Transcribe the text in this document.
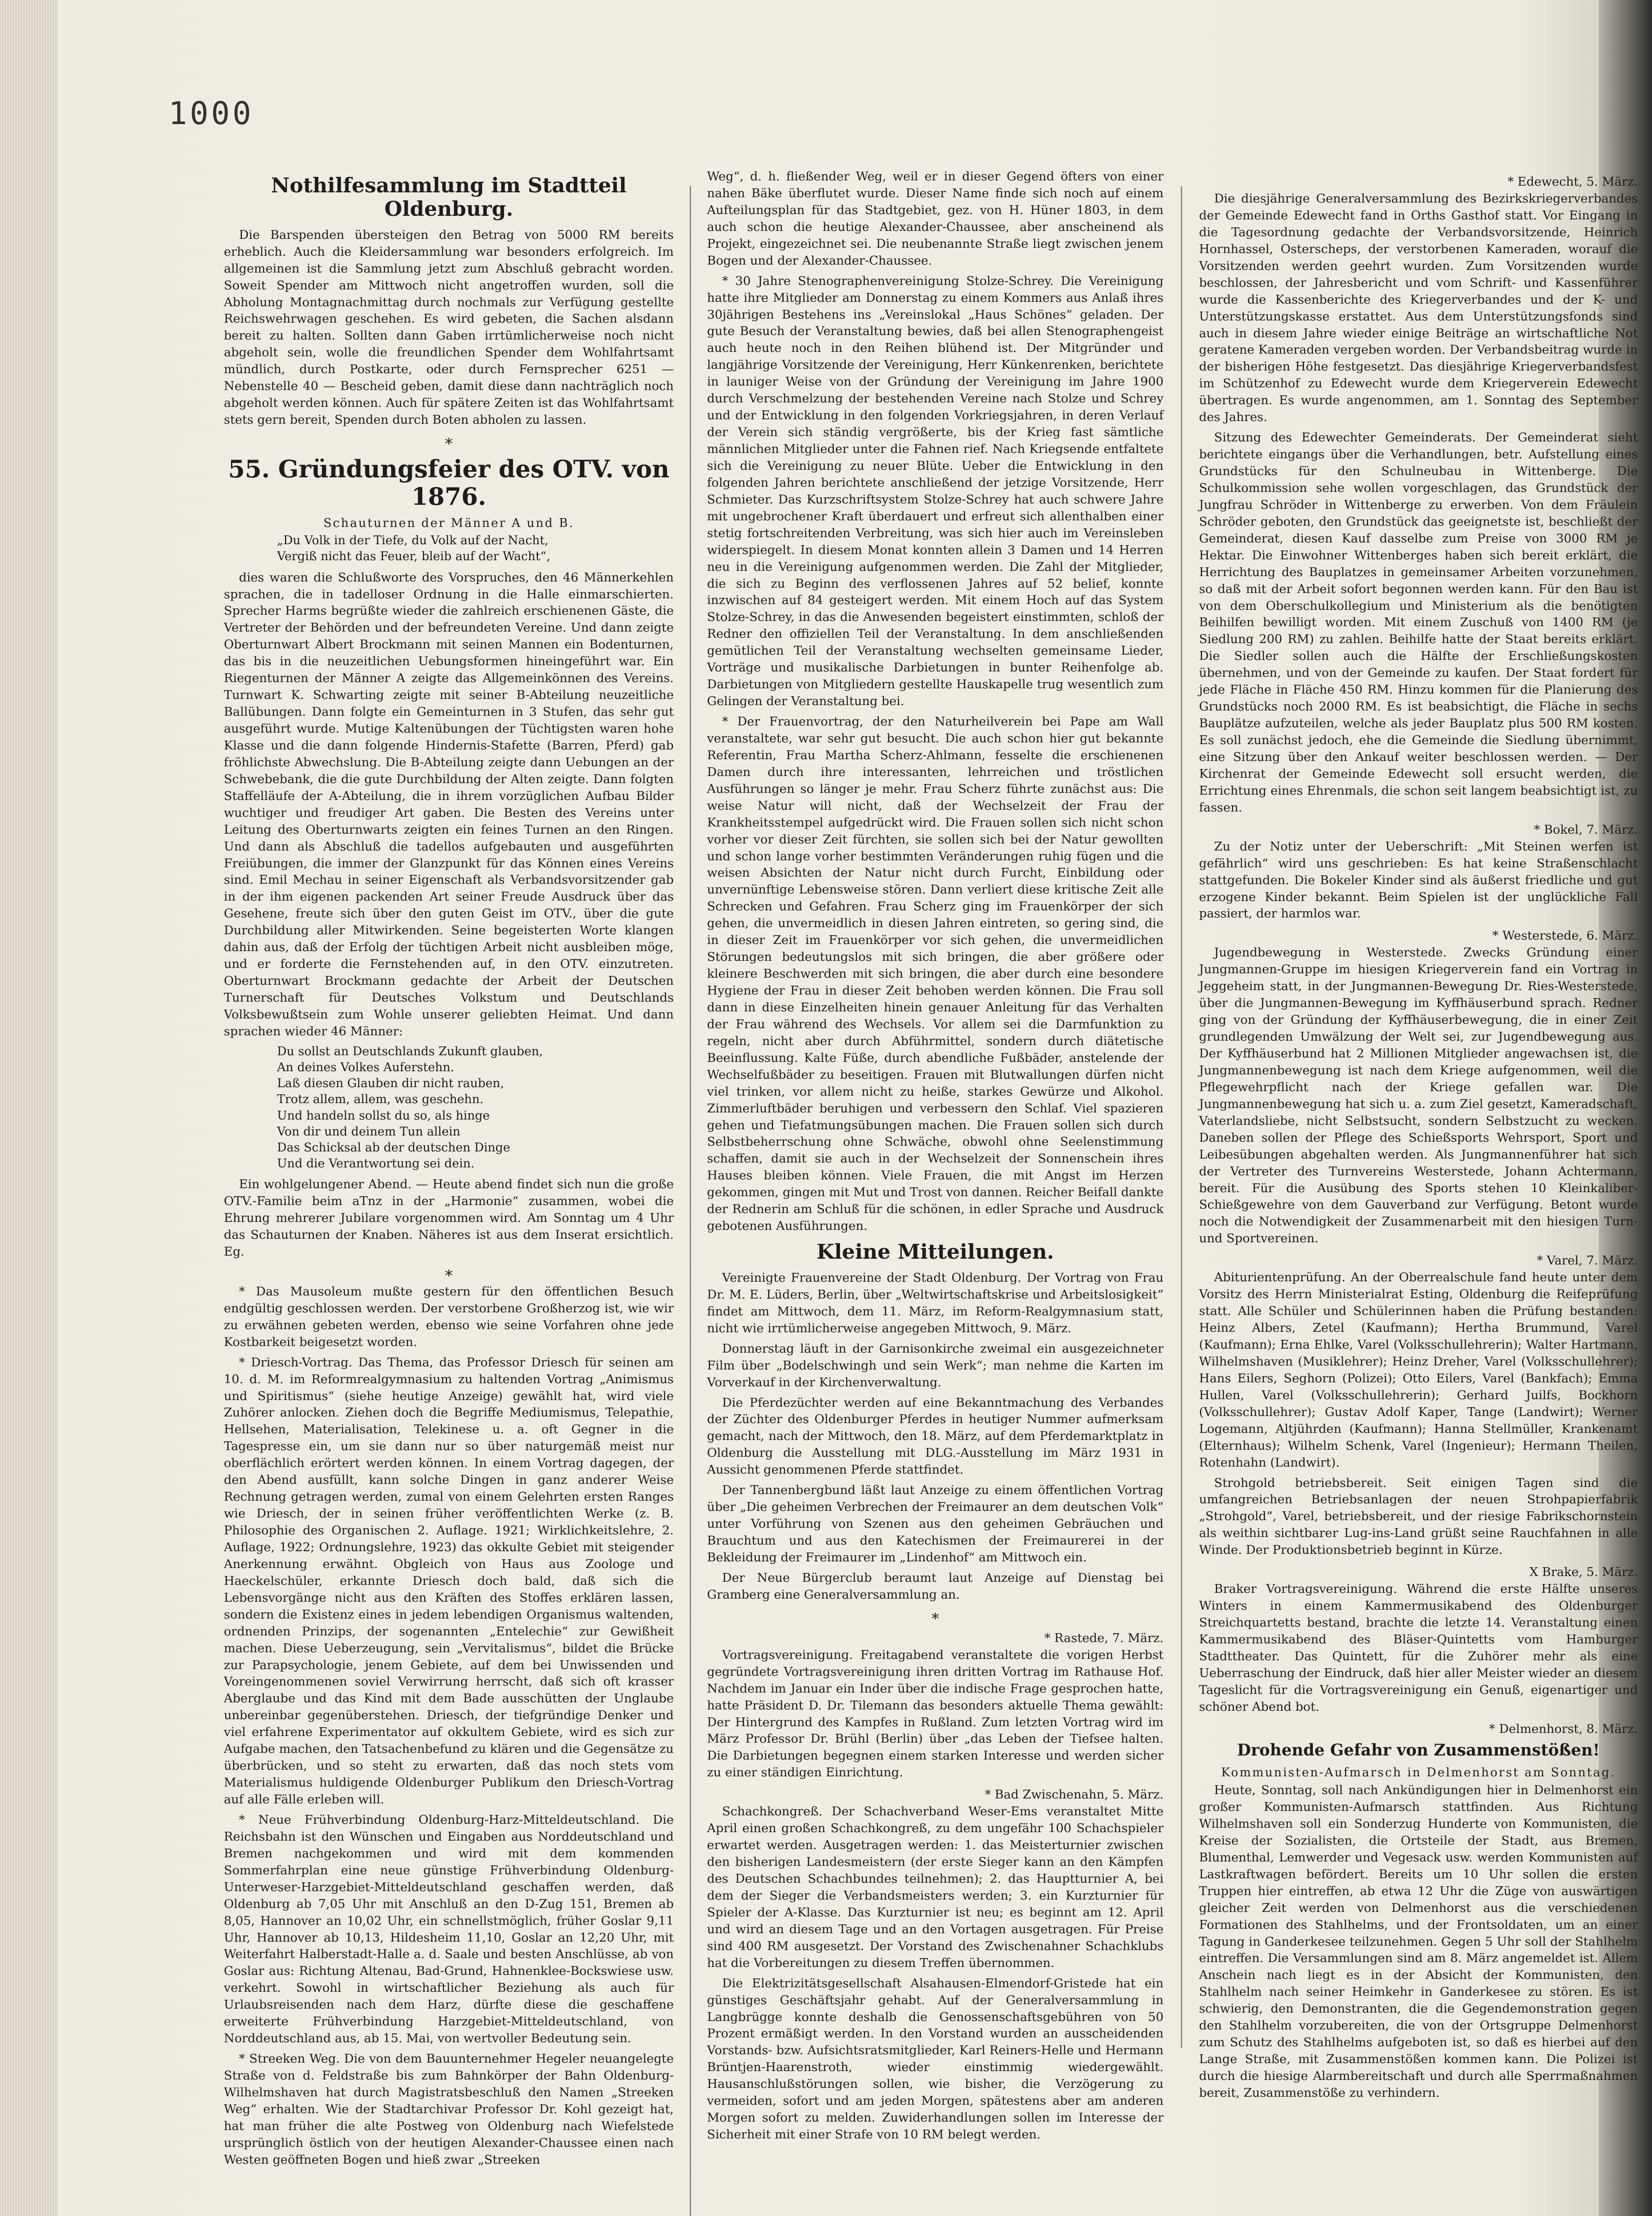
1000
Nothilfesammlung im Stadtteil Oldenburg.

Die Barspenden übersteigen den Betrag von 5000 RM bereits erheblich. Auch die Kleidersammlung war besonders erfolgreich. Im allgemeinen ist die Sammlung jetzt zum Abschluß gebracht worden. Soweit Spender am Mittwoch nicht angetroffen wurden, soll die Abholung Montagnachmittag durch nochmals zur Verfügung gestellte Reichswehrwagen geschehen. Es wird gebeten, die Sachen alsdann bereit zu halten. Sollten dann Gaben irrtümlicherweise noch nicht abgeholt sein, wolle die freundlichen Spender dem Wohlfahrtsamt mündlich, durch Postkarte, oder durch Fernsprecher 6251 — Nebenstelle 40 — Bescheid geben, damit diese dann nachträglich noch abgeholt werden können. Auch für spätere Zeiten ist das Wohlfahrtsamt stets gern bereit, Spenden durch Boten abholen zu lassen.

∗
55. Gründungsfeier des OTV. von 1876.
Schauturnen der Männer A und B.
„Du Volk in der Tiefe, du Volk auf der Nacht,
Vergiß nicht das Feuer, bleib auf der Wacht“,

dies waren die Schlußworte des Vorspruches, den 46 Männerkehlen sprachen, die in tadelloser Ordnung in die Halle einmarschierten. Sprecher Harms begrüßte wieder die zahlreich erschienenen Gäste, die Vertreter der Behörden und der befreundeten Vereine. Und dann zeigte Oberturnwart Albert Brockmann mit seinen Mannen ein Bodenturnen, das bis in die neuzeitlichen Uebungsformen hineingeführt war. Ein Riegenturnen der Männer A zeigte das Allgemeinkönnen des Vereins. Turnwart K. Schwarting zeigte mit seiner B-Abteilung neuzeitliche Ballübungen. Dann folgte ein Gemeinturnen in 3 Stufen, das sehr gut ausgeführt wurde. Mutige Kaltenübungen der Tüchtigsten waren hohe Klasse und die dann folgende Hindernis-Stafette (Barren, Pferd) gab fröhlichste Abwechslung. Die B-Abteilung zeigte dann Uebungen an der Schwebebank, die die gute Durchbildung der Alten zeigte. Dann folgten Staffelläufe der A-Abteilung, die in ihrem vorzüglichen Aufbau Bilder wuchtiger und freudiger Art gaben. Die Besten des Vereins unter Leitung des Oberturnwarts zeigten ein feines Turnen an den Ringen. Und dann als Abschluß die tadellos aufgebauten und ausgeführten Freiübungen, die immer der Glanzpunkt für das Können eines Vereins sind. Emil Mechau in seiner Eigenschaft als Verbandsvorsitzender gab in der ihm eigenen packenden Art seiner Freude Ausdruck über das Gesehene, freute sich über den guten Geist im OTV., über die gute Durchbildung aller Mitwirkenden. Seine begeisterten Worte klangen dahin aus, daß der Erfolg der tüchtigen Arbeit nicht ausbleiben möge, und er forderte die Fernstehenden auf, in den OTV. einzutreten. Oberturnwart Brockmann gedachte der Arbeit der Deutschen Turnerschaft für Deutsches Volkstum und Deutschlands Volksbewußtsein zum Wohle unserer geliebten Heimat. Und dann sprachen wieder 46 Männer:

Du sollst an Deutschlands Zukunft glauben,
An deines Volkes Auferstehn.
Laß diesen Glauben dir nicht rauben,
Trotz allem, allem, was geschehn.
Und handeln sollst du so, als hinge
Von dir und deinem Tun allein
Das Schicksal ab der deutschen Dinge
Und die Verantwortung sei dein.

Ein wohlgelungener Abend. — Heute abend findet sich nun die große OTV.-Familie beim aTnz in der „Harmonie“ zusammen, wobei die Ehrung mehrerer Jubilare vorgenommen wird. Am Sonntag um 4 Uhr das Schauturnen der Knaben. Näheres ist aus dem Inserat ersichtlich. Eg.

∗

* Das Mausoleum mußte gestern für den öffentlichen Besuch endgültig geschlossen werden. Der verstorbene Großherzog ist, wie wir zu erwähnen gebeten werden, ebenso wie seine Vorfahren ohne jede Kostbarkeit beigesetzt worden.

* Driesch-Vortrag. Das Thema, das Professor Driesch für seinen am 10. d. M. im Reformrealgymnasium zu haltenden Vortrag „Animismus und Spiritismus“ (siehe heutige Anzeige) gewählt hat, wird viele Zuhörer anlocken. Ziehen doch die Begriffe Mediumismus, Telepathie, Hellsehen, Materialisation, Telekinese u. a. oft Gegner in die Tagespresse ein, um sie dann nur so über naturgemäß meist nur oberflächlich erörtert werden können. In einem Vortrag dagegen, der den Abend ausfüllt, kann solche Dingen in ganz anderer Weise Rechnung getragen werden, zumal von einem Gelehrten ersten Ranges wie Driesch, der in seinen früher veröffentlichten Werke (z. B. Philosophie des Organischen 2. Auflage. 1921; Wirklichkeitslehre, 2. Auflage, 1922; Ordnungslehre, 1923) das okkulte Gebiet mit steigender Anerkennung erwähnt. Obgleich von Haus aus Zoologe und Haeckelschüler, erkannte Driesch doch bald, daß sich die Lebensvorgänge nicht aus den Kräften des Stoffes erklären lassen, sondern die Existenz eines in jedem lebendigen Organismus waltenden, ordnenden Prinzips, der sogenannten „Entelechie“ zur Gewißheit machen. Diese Ueberzeugung, sein „Vervitalismus“, bildet die Brücke zur Parapsychologie, jenem Gebiete, auf dem bei Unwissenden und Voreingenommenen soviel Verwirrung herrscht, daß sich oft krasser Aberglaube und das Kind mit dem Bade ausschütten der Unglaube unbereinbar gegenüberstehen. Driesch, der tiefgründige Denker und viel erfahrene Experimentator auf okkultem Gebiete, wird es sich zur Aufgabe machen, den Tatsachenbefund zu klären und die Gegensätze zu überbrücken, und so steht zu erwarten, daß das noch stets vom Materialismus huldigende Oldenburger Publikum den Driesch-Vortrag auf alle Fälle erleben will.

* Neue Frühverbindung Oldenburg-Harz-Mitteldeutschland. Die Reichsbahn ist den Wünschen und Eingaben aus Norddeutschland und Bremen nachgekommen und wird mit dem kommenden Sommerfahrplan eine neue günstige Frühverbindung Oldenburg-Unterweser-Harzgebiet-Mitteldeutschland geschaffen werden, daß Oldenburg ab 7,05 Uhr mit Anschluß an den D-Zug 151, Bremen ab 8,05, Hannover an 10,02 Uhr, ein schnellstmöglich, früher Goslar 9,11 Uhr, Hannover ab 10,13, Hildesheim 11,10, Goslar an 12,20 Uhr, mit Weiterfahrt Halberstadt-Halle a. d. Saale und besten Anschlüsse, ab von Goslar aus: Richtung Altenau, Bad-Grund, Hahnenklee-Bockswiese usw. verkehrt. Sowohl in wirtschaftlicher Beziehung als auch für Urlaubsreisenden nach dem Harz, dürfte diese die geschaffene erweiterte Frühverbindung Harzgebiet-Mitteldeutschland, von Norddeutschland aus, ab 15. Mai, von wertvoller Bedeutung sein.

* Streeken Weg. Die von dem Bauunternehmer Hegeler neuangelegte Straße von d. Feldstraße bis zum Bahnkörper der Bahn Oldenburg-Wilhelmshaven hat durch Magistratsbeschluß den Namen „Streeken Weg“ erhalten. Wie der Stadtarchivar Professor Dr. Kohl gezeigt hat, hat man früher die alte Postweg von Oldenburg nach Wiefelstede ursprünglich östlich von der heutigen Alexander-Chaussee einen nach Westen geöffneten Bogen und hieß zwar „Streeken

Weg“, d. h. fließender Weg, weil er in dieser Gegend öfters von einer nahen Bäke überflutet wurde. Dieser Name finde sich noch auf einem Aufteilungsplan für das Stadtgebiet, gez. von H. Hüner 1803, in dem auch schon die heutige Alexander-Chaussee, aber anscheinend als Projekt, eingezeichnet sei. Die neubenannte Straße liegt zwischen jenem Bogen und der Alexander-Chaussee.

* 30 Jahre Stenographenvereinigung Stolze-Schrey. Die Vereinigung hatte ihre Mitglieder am Donnerstag zu einem Kommers aus Anlaß ihres 30jährigen Bestehens ins „Vereinslokal „Haus Schönes“ geladen. Der gute Besuch der Veranstaltung bewies, daß bei allen Stenographengeist auch heute noch in den Reihen blühend ist. Der Mitgründer und langjährige Vorsitzende der Vereinigung, Herr Künkenrenken, berichtete in launiger Weise von der Gründung der Vereinigung im Jahre 1900 durch Verschmelzung der bestehenden Vereine nach Stolze und Schrey und der Entwicklung in den folgenden Vorkriegsjahren, in deren Verlauf der Verein sich ständig vergrößerte, bis der Krieg fast sämtliche männlichen Mitglieder unter die Fahnen rief. Nach Kriegsende entfaltete sich die Vereinigung zu neuer Blüte. Ueber die Entwicklung in den folgenden Jahren berichtete anschließend der jetzige Vorsitzende, Herr Schmieter. Das Kurzschriftsystem Stolze-Schrey hat auch schwere Jahre mit ungebrochener Kraft überdauert und erfreut sich allenthalben einer stetig fortschreitenden Verbreitung, was sich hier auch im Vereinsleben widerspiegelt. In diesem Monat konnten allein 3 Damen und 14 Herren neu in die Vereinigung aufgenommen werden. Die Zahl der Mitglieder, die sich zu Beginn des verflossenen Jahres auf 52 belief, konnte inzwischen auf 84 gesteigert werden. Mit einem Hoch auf das System Stolze-Schrey, in das die Anwesenden begeistert einstimmten, schloß der Redner den offiziellen Teil der Veranstaltung. In dem anschließenden gemütlichen Teil der Veranstaltung wechselten gemeinsame Lieder, Vorträge und musikalische Darbietungen in bunter Reihenfolge ab. Darbietungen von Mitgliedern gestellte Hauskapelle trug wesentlich zum Gelingen der Veranstaltung bei.

* Der Frauenvortrag, der den Naturheilverein bei Pape am Wall veranstaltete, war sehr gut besucht. Die auch schon hier gut bekannte Referentin, Frau Martha Scherz-Ahlmann, fesselte die erschienenen Damen durch ihre interessanten, lehrreichen und tröstlichen Ausführungen so länger je mehr. Frau Scherz führte zunächst aus: Die weise Natur will nicht, daß der Wechselzeit der Frau der Krankheitsstempel aufgedrückt wird. Die Frauen sollen sich nicht schon vorher vor dieser Zeit fürchten, sie sollen sich bei der Natur gewollten und schon lange vorher bestimmten Veränderungen ruhig fügen und die weisen Absichten der Natur nicht durch Furcht, Einbildung oder unvernünftige Lebensweise stören. Dann verliert diese kritische Zeit alle Schrecken und Gefahren. Frau Scherz ging im Frauenkörper der sich gehen, die unvermeidlich in diesen Jahren eintreten, so gering sind, die in dieser Zeit im Frauenkörper vor sich gehen, die unvermeidlichen Störungen bedeutungslos mit sich bringen, die aber größere oder kleinere Beschwerden mit sich bringen, die aber durch eine besondere Hygiene der Frau in dieser Zeit behoben werden können. Die Frau soll dann in diese Einzelheiten hinein genauer Anleitung für das Verhalten der Frau während des Wechsels. Vor allem sei die Darmfunktion zu regeln, nicht aber durch Abführmittel, sondern durch diätetische Beeinflussung. Kalte Füße, durch abendliche Fußbäder, anstelende der Wechselfußbäder zu beseitigen. Frauen mit Blutwallungen dürfen nicht viel trinken, vor allem nicht zu heiße, starkes Gewürze und Alkohol. Zimmerluftbäder beruhigen und verbessern den Schlaf. Viel spazieren gehen und Tiefatmungsübungen machen. Die Frauen sollen sich durch Selbstbeherrschung ohne Schwäche, obwohl ohne Seelenstimmung schaffen, damit sie auch in der Wechselzeit der Sonnenschein ihres Hauses bleiben können. Viele Frauen, die mit Angst im Herzen gekommen, gingen mit Mut und Trost von dannen. Reicher Beifall dankte der Rednerin am Schluß für die schönen, in edler Sprache und Ausdruck gebotenen Ausführungen.

Kleine Mitteilungen.

Vereinigte Frauenvereine der Stadt Oldenburg. Der Vortrag von Frau Dr. M. E. Lüders, Berlin, über „Weltwirtschaftskrise und Arbeitslosigkeit“ findet am Mittwoch, dem 11. März, im Reform-Realgymnasium statt, nicht wie irrtümlicherweise angegeben Mittwoch, 9. März.

Donnerstag läuft in der Garnisonkirche zweimal ein ausgezeichneter Film über „Bodelschwingh und sein Werk“; man nehme die Karten im Vorverkauf in der Kirchenverwaltung.

Die Pferdezüchter werden auf eine Bekanntmachung des Verbandes der Züchter des Oldenburger Pferdes in heutiger Nummer aufmerksam gemacht, nach der Mittwoch, den 18. März, auf dem Pferdemarktplatz in Oldenburg die Ausstellung mit DLG.-Ausstellung im März 1931 in Aussicht genommenen Pferde stattfindet.

Der Tannenbergbund läßt laut Anzeige zu einem öffentlichen Vortrag über „Die geheimen Verbrechen der Freimaurer an dem deutschen Volk“ unter Vorführung von Szenen aus den geheimen Gebräuchen und Brauchtum und aus den Katechismen der Freimaurerei in der Bekleidung der Freimaurer im „Lindenhof“ am Mittwoch ein.

Der Neue Bürgerclub beraumt laut Anzeige auf Dienstag bei Gramberg eine Generalversammlung an.

∗
* Rastede, 7. März.

Vortragsvereinigung. Freitagabend veranstaltete die vorigen Herbst gegründete Vortragsvereinigung ihren dritten Vortrag im Rathause Hof. Nachdem im Januar ein Inder über die indische Frage gesprochen hatte, hatte Präsident D. Dr. Tilemann das besonders aktuelle Thema gewählt: Der Hintergrund des Kampfes in Rußland. Zum letzten Vortrag wird im März Professor Dr. Brühl (Berlin) über „das Leben der Tiefsee halten. Die Darbietungen begegnen einem starken Interesse und werden sicher zu einer ständigen Einrichtung.

* Bad Zwischenahn, 5. März.

Schachkongreß. Der Schachverband Weser-Ems veranstaltet Mitte April einen großen Schachkongreß, zu dem ungefähr 100 Schachspieler erwartet werden. Ausgetragen werden: 1. das Meisterturnier zwischen den bisherigen Landesmeistern (der erste Sieger kann an den Kämpfen des Deutschen Schachbundes teilnehmen); 2. das Hauptturnier A, bei dem der Sieger die Verbandsmeisters werden; 3. ein Kurzturnier für Spieler der A-Klasse. Das Kurzturnier ist neu; es beginnt am 12. April und wird an diesem Tage und an den Vortagen ausgetragen. Für Preise sind 400 RM ausgesetzt. Der Vorstand des Zwischenahner Schachklubs hat die Vorbereitungen zu diesem Treffen übernommen.

Die Elektrizitätsgesellschaft Alsahausen-Elmendorf-Gristede hat ein günstiges Geschäftsjahr gehabt. Auf der Generalversammlung in Langbrügge konnte deshalb die Genossenschaftsgebühren von 50 Prozent ermäßigt werden. In den Vorstand wurden an ausscheidenden Vorstands- bzw. Aufsichtsratsmitglieder, Karl Reiners-Helle und Hermann Brüntjen-Haarenstroth, wieder einstimmig wiedergewählt. Hausanschlußstörungen sollen, wie bisher, die Verzögerung zu vermeiden, sofort und am jeden Morgen, spätestens aber am anderen Morgen sofort zu melden. Zuwiderhandlungen sollen im Interesse der Sicherheit mit einer Strafe von 10 RM belegt werden.

* Edewecht, 5. März.

Die diesjährige Generalversammlung des Bezirkskriegerverbandes der Gemeinde Edewecht fand in Orths Gasthof statt. Vor Eingang in die Tagesordnung gedachte der Verbandsvorsitzende, Heinrich Hornhassel, Osterscheps, der verstorbenen Kameraden, worauf die Vorsitzenden werden geehrt wurden. Zum Vorsitzenden wurde beschlossen, der Jahresbericht und vom Schrift- und Kassenführer wurde die Kassenberichte des Kriegerverbandes und der K- und Unterstützungskasse erstattet. Aus dem Unterstützungsfonds sind auch in diesem Jahre wieder einige Beiträge an wirtschaftliche Not geratene Kameraden vergeben worden. Der Verbandsbeitrag wurde in der bisherigen Höhe festgesetzt. Das diesjährige Kriegerverbandsfest im Schützenhof zu Edewecht wurde dem Kriegerverein Edewecht übertragen. Es wurde angenommen, am 1. Sonntag des September des Jahres.

Sitzung des Edewechter Gemeinderats. Der Gemeinderat sieht berichtete eingangs über die Verhandlungen, betr. Aufstellung eines Grundstücks für den Schulneubau in Wittenberge. Die Schulkommission sehe wollen vorgeschlagen, das Grundstück der Jungfrau Schröder in Wittenberge zu erwerben. Von dem Fräulein Schröder geboten, den Grundstück das geeignetste ist, beschließt der Gemeinderat, diesen Kauf dasselbe zum Preise von 3000 RM je Hektar. Die Einwohner Wittenberges haben sich bereit erklärt, die Herrichtung des Bauplatzes in gemeinsamer Arbeiten vorzunehmen, so daß mit der Arbeit sofort begonnen werden kann. Für den Bau ist von dem Oberschulkollegium und Ministerium als die benötigten Beihilfen bewilligt worden. Mit einem Zuschuß von 1400 RM (je Siedlung 200 RM) zu zahlen. Beihilfe hatte der Staat bereits erklärt. Die Siedler sollen auch die Hälfte der Erschließungskosten übernehmen, und von der Gemeinde zu kaufen. Der Staat fordert für jede Fläche in Fläche 450 RM. Hinzu kommen für die Planierung des Grundstücks noch 2000 RM. Es ist beabsichtigt, die Fläche in sechs Bauplätze aufzuteilen, welche als jeder Bauplatz plus 500 RM kosten. Es soll zunächst jedoch, ehe die Gemeinde die Siedlung übernimmt, eine Sitzung über den Ankauf weiter beschlossen werden. — Der Kirchenrat der Gemeinde Edewecht soll ersucht werden, die Errichtung eines Ehrenmals, die schon seit langem beabsichtigt ist, zu fassen.

* Bokel, 7. März.

Zu der Notiz unter der Ueberschrift: „Mit Steinen werfen ist gefährlich“ wird uns geschrieben: Es hat keine Straßenschlacht stattgefunden. Die Bokeler Kinder sind als äußerst friedliche und gut erzogene Kinder bekannt. Beim Spielen ist der unglückliche Fall passiert, der harmlos war.

* Westerstede, 6. März.

Jugendbewegung in Westerstede. Zwecks Gründung einer Jungmannen-Gruppe im hiesigen Kriegerverein fand ein Vortrag in Jeggeheim statt, in der Jungmannen-Bewegung Dr. Ries-Westerstede, über die Jungmannen-Bewegung im Kyffhäuserbund sprach. Redner ging von der Gründung der Kyffhäuserbewegung, die in einer Zeit grundlegenden Umwälzung der Welt sei, zur Jugendbewegung aus. Der Kyffhäuserbund hat 2 Millionen Mitglieder angewachsen ist, die Jungmannenbewegung ist nach dem Kriege aufgenommen, weil die Pflegewehrpflicht nach der Kriege gefallen war. Die Jungmannenbewegung hat sich u. a. zum Ziel gesetzt, Kameradschaft, Vaterlandsliebe, nicht Selbstsucht, sondern Selbstzucht zu wecken. Daneben sollen der Pflege des Schießsports Wehrsport, Sport und Leibesübungen abgehalten werden. Als Jungmannenführer hat sich der Vertreter des Turnvereins Westerstede, Johann Achtermann, bereit. Für die Ausübung des Sports stehen 10 Kleinkaliber-Schießgewehre von dem Gauverband zur Verfügung. Betont wurde noch die Notwendigkeit der Zusammenarbeit mit den hiesigen Turn- und Sportvereinen.

* Varel, 7. März.

Abiturientenprüfung. An der Oberrealschule fand heute unter dem Vorsitz des Herrn Ministerialrat Esting, Oldenburg die Reifeprüfung statt. Alle Schüler und Schülerinnen haben die Prüfung bestanden: Heinz Albers, Zetel (Kaufmann); Hertha Brummund, Varel (Kaufmann); Erna Ehlke, Varel (Volksschullehrerin); Walter Hartmann, Wilhelmshaven (Musiklehrer); Heinz Dreher, Varel (Volksschullehrer); Hans Eilers, Seghorn (Polizei); Otto Eilers, Varel (Bankfach); Emma Hullen, Varel (Volksschullehrerin); Gerhard Juilfs, Bockhorn (Volksschullehrer); Gustav Adolf Kaper, Tange (Landwirt); Werner Logemann, Altjührden (Kaufmann); Hanna Stellmüller, Krankenamt (Elternhaus); Wilhelm Schenk, Varel (Ingenieur); Hermann Theilen, Rotenhahn (Landwirt).

Strohgold betriebsbereit. Seit einigen Tagen sind die umfangreichen Betriebsanlagen der neuen Strohpapierfabrik „Strohgold“, Varel, betriebsbereit, und der riesige Fabrikschornstein als weithin sichtbarer Lug-ins-Land grüßt seine Rauchfahnen in alle Winde. Der Produktionsbetrieb beginnt in Kürze.

X Brake, 5. März.

Braker Vortragsvereinigung. Während die erste Hälfte unseres Winters in einem Kammermusikabend des Oldenburger Streichquartetts bestand, brachte die letzte 14. Veranstaltung einen Kammermusikabend des Bläser-Quintetts vom Hamburger Stadttheater. Das Quintett, für die Zuhörer mehr als eine Ueberraschung der Eindruck, daß hier aller Meister wieder an diesem Tageslicht für die Vortragsvereinigung ein Genuß, eigenartiger und schöner Abend bot.

* Delmenhorst, 8. März.
Drohende Gefahr von Zusammenstößen!
Kommunisten-Aufmarsch in Delmenhorst am Sonntag.

Heute, Sonntag, soll nach Ankündigungen hier in Delmenhorst ein großer Kommunisten-Aufmarsch stattfinden. Aus Richtung Wilhelmshaven soll ein Sonderzug Hunderte von Kommunisten, die Kreise der Sozialisten, die Ortsteile der Stadt, aus Bremen, Blumenthal, Lemwerder und Vegesack usw. werden Kommunisten auf Lastkraftwagen befördert. Bereits um 10 Uhr sollen die ersten Truppen hier eintreffen, ab etwa 12 Uhr die Züge von auswärtigen gleicher Zeit werden von Delmenhorst aus die verschiedenen Formationen des Stahlhelms, und der Frontsoldaten, um an einer Tagung in Ganderkesee teilzunehmen. Gegen 5 Uhr soll der Stahlhelm eintreffen. Die Versammlungen sind am 8. März angemeldet ist. Allem Anschein nach liegt es in der Absicht der Kommunisten, den Stahlhelm nach seiner Heimkehr in Ganderkesee zu stören. Es ist schwierig, den Demonstranten, die die Gegendemonstration gegen den Stahlhelm vorzubereiten, die von der Ortsgruppe Delmenhorst zum Schutz des Stahlhelms aufgeboten ist, so daß es hierbei auf den Lange Straße, mit Zusammenstößen kommen kann. Die Polizei ist durch die hiesige Alarmbereitschaft und durch alle Sperrmaßnahmen bereit, Zusammenstöße zu verhindern.
